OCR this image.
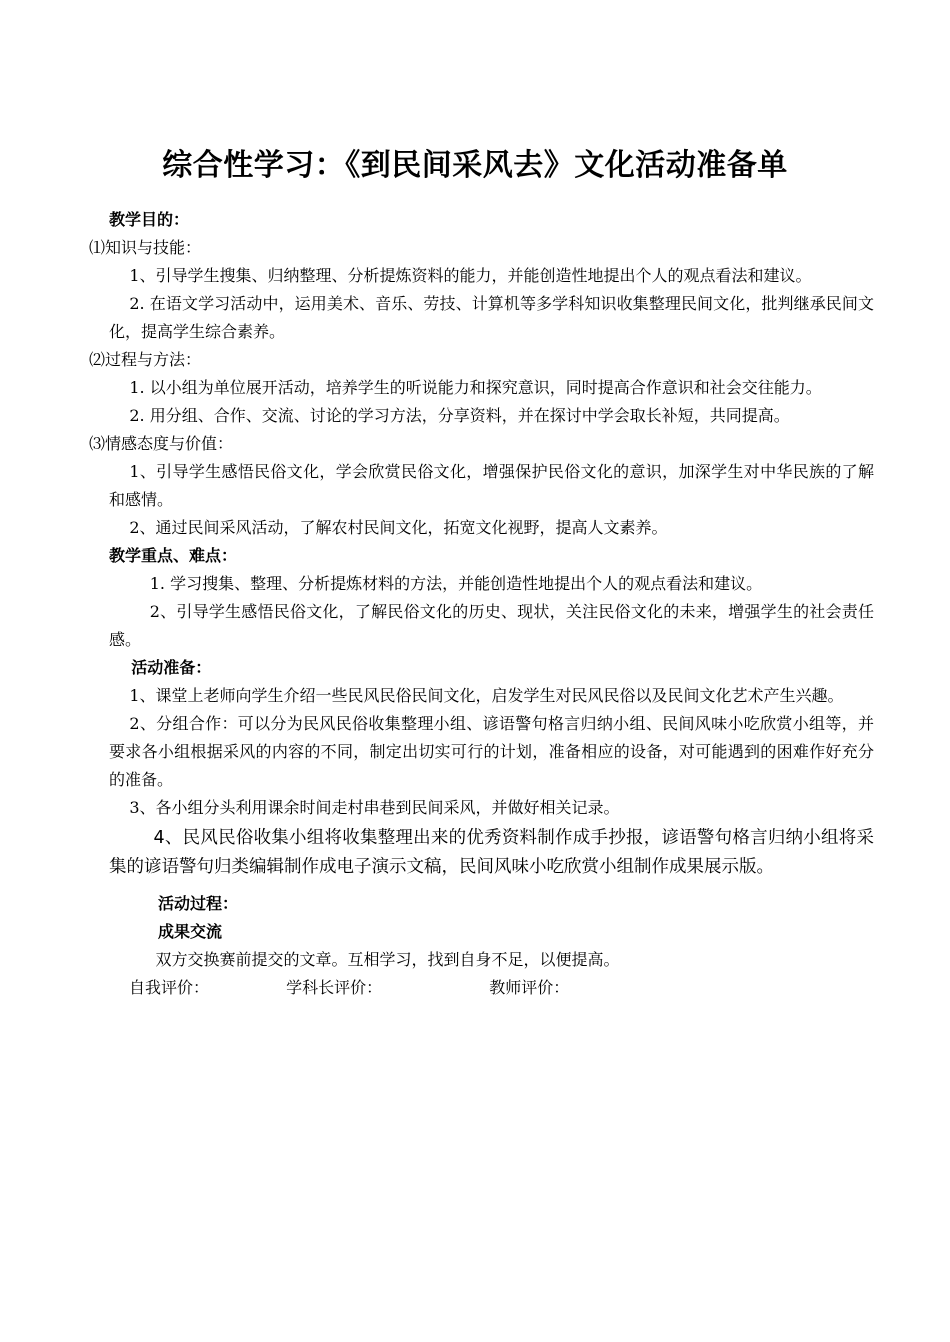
综合性学习：《到民间采风去》文化活动准备单

教学目的：

⑴知识与技能：

1、引导学生搜集、归纳整理、分析提炼资料的能力，并能创造性地提出个人的观点看法和建议。

2. 在语文学习活动中，运用美术、音乐、劳技、计算机等多学科知识收集整理民间文化，批判继承民间文化，提高学生综合素养。

⑵过程与方法：

1. 以小组为单位展开活动，培养学生的听说能力和探究意识，同时提高合作意识和社会交往能力。

2. 用分组、合作、交流、讨论的学习方法，分享资料，并在探讨中学会取长补短，共同提高。

⑶情感态度与价值：

1、引导学生感悟民俗文化，学会欣赏民俗文化，增强保护民俗文化的意识，加深学生对中华民族的了解和感情。

2、通过民间采风活动，了解农村民间文化，拓宽文化视野，提高人文素养。

教学重点、难点：

1. 学习搜集、整理、分析提炼材料的方法，并能创造性地提出个人的观点看法和建议。

2、引导学生感悟民俗文化，了解民俗文化的历史、现状，关注民俗文化的未来，增强学生的社会责任感。

活动准备：

1、课堂上老师向学生介绍一些民风民俗民间文化，启发学生对民风民俗以及民间文化艺术产生兴趣。

2、分组合作：可以分为民风民俗收集整理小组、谚语警句格言归纳小组、民间风味小吃欣赏小组等，并要求各小组根据采风的内容的不同，制定出切实可行的计划，准备相应的设备，对可能遇到的困难作好充分的准备。

3、各小组分头利用课余时间走村串巷到民间采风，并做好相关记录。

4、民风民俗收集小组将收集整理出来的优秀资料制作成手抄报，谚语警句格言归纳小组将采集的谚语警句归类编辑制作成电子演示文稿，民间风味小吃欣赏小组制作成果展示版。

活动过程：

成果交流

双方交换赛前提交的文章。互相学习，找到自身不足，以便提高。

自我评价：	学科长评价：	教师评价：
